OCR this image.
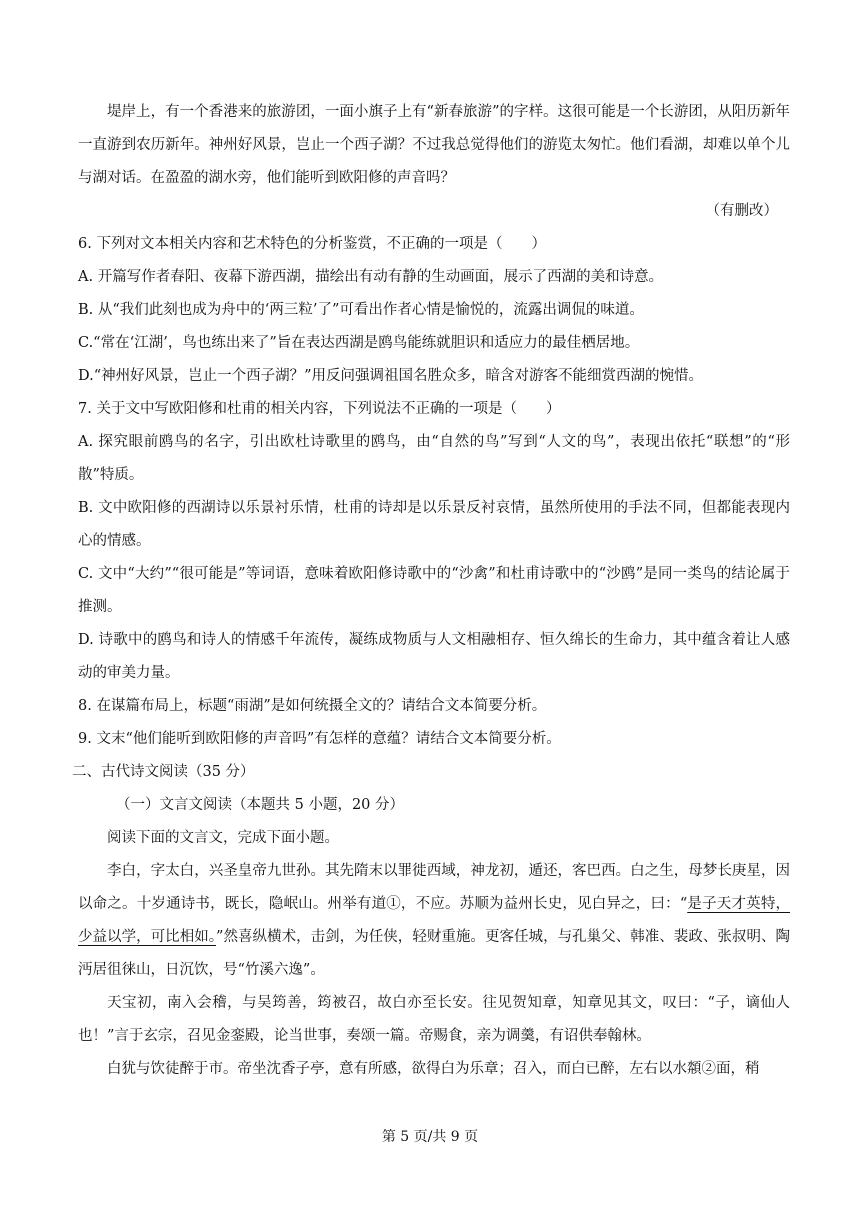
堤岸上，有一个香港来的旅游团，一面小旗子上有“新春旅游”的字样。这很可能是一个长游团，从阳历新年一直游到农历新年。神州好风景，岂止一个西子湖？不过我总觉得他们的游览太匆忙。他们看湖，却难以单个儿与湖对话。在盈盈的湖水旁，他们能听到欧阳修的声音吗？

（有删改）

6. 下列对文本相关内容和艺术特色的分析鉴赏，不正确的一项是（　　）

A. 开篇写作者春阳、夜幕下游西湖，描绘出有动有静的生动画面，展示了西湖的美和诗意。

B. 从“我们此刻也成为舟中的‘两三粒’了”可看出作者心情是愉悦的，流露出调侃的味道。

C.“常在‘江湖’，鸟也练出来了”旨在表达西湖是鸥鸟能练就胆识和适应力的最佳栖居地。

D.“神州好风景，岂止一个西子湖？”用反问强调祖国名胜众多，暗含对游客不能细赏西湖的惋惜。

7. 关于文中写欧阳修和杜甫的相关内容，下列说法不正确的一项是（　　）

A. 探究眼前鸥鸟的名字，引出欧杜诗歌里的鸥鸟，由“自然的鸟”写到“人文的鸟”，表现出依托“联想”的“形散”特质。

B. 文中欧阳修的西湖诗以乐景衬乐情，杜甫的诗却是以乐景反衬哀情，虽然所使用的手法不同，但都能表现内心的情感。

C. 文中“大约”“很可能是”等词语，意味着欧阳修诗歌中的“沙禽”和杜甫诗歌中的“沙鸥”是同一类鸟的结论属于推测。

D. 诗歌中的鸥鸟和诗人的情感千年流传，凝练成物质与人文相融相存、恒久绵长的生命力，其中蕴含着让人感动的审美力量。

8. 在谋篇布局上，标题“雨湖”是如何统摄全文的？请结合文本简要分析。

9. 文末“他们能听到欧阳修的声音吗”有怎样的意蕴？请结合文本简要分析。

二、古代诗文阅读（35 分）

（一）文言文阅读（本题共 5 小题，20 分）

阅读下面的文言文，完成下面小题。

李白，字太白，兴圣皇帝九世孙。其先隋末以罪徙西域，神龙初，遁还，客巴西。白之生，母梦长庚星，因以命之。十岁通诗书，既长，隐岷山。州举有道①，不应。苏顺为益州长史，见白异之，曰：“是子天才英特，少益以学，可比相如。”然喜纵横术，击剑，为任侠，轻财重施。更客任城，与孔巢父、韩准、裴政、张叔明、陶沔居徂徕山，日沉饮，号“竹溪六逸”。

天宝初，南入会稽，与吴筠善，筠被召，故白亦至长安。往见贺知章，知章见其文，叹曰：“子，谪仙人也！”言于玄宗，召见金銮殿，论当世事，奏颂一篇。帝赐食，亲为调羹，有诏供奉翰林。

白犹与饮徒醉于市。帝坐沈香子亭，意有所感，欲得白为乐章；召入，而白已醉，左右以水頮②面，稍

第 5 页/共 9 页
